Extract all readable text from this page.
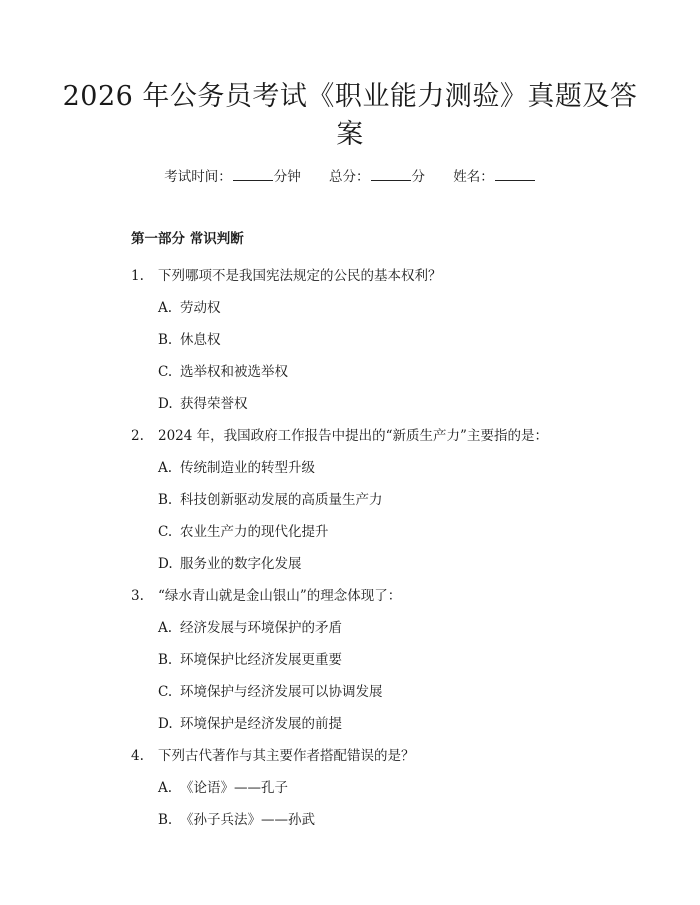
2026 年公务员考试《职业能力测验》真题及答案
考试时间：	分钟 总分：	分 姓名：
第一部分 常识判断
1. 下列哪项不是我国宪法规定的公民的基本权利？
A. 劳动权
B. 休息权
C. 选举权和被选举权
D. 获得荣誉权
2. 2024 年，我国政府工作报告中提出的“新质生产力”主要指的是：
A. 传统制造业的转型升级
B. 科技创新驱动发展的高质量生产力
C. 农业生产力的现代化提升
D. 服务业的数字化发展
3. “绿水青山就是金山银山”的理念体现了：
A. 经济发展与环境保护的矛盾
B. 环境保护比经济发展更重要
C. 环境保护与经济发展可以协调发展
D. 环境保护是经济发展的前提
4. 下列古代著作与其主要作者搭配错误的是？
A. 《论语》——孔子
B. 《孙子兵法》——孙武
